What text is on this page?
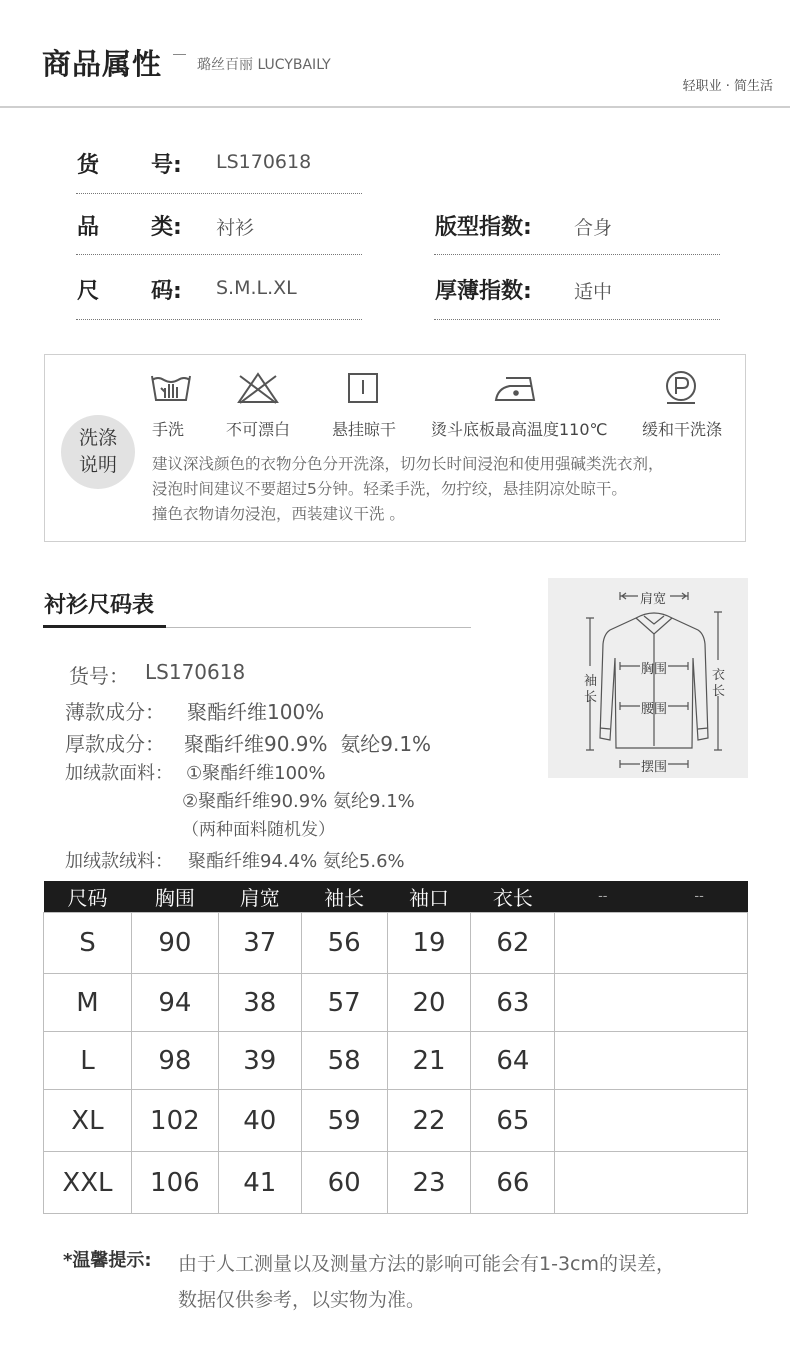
商品属性 璐丝百丽 LUCYBAILY
轻职业 · 简生活
货 号: LS170618
品 类: 衬衫	版型指数: 合身
尺 码: S.M.L.XL	厚薄指数: 适中
洗涤
说明
手洗	不可漂白	悬挂晾干 烫斗底板最高温度110℃ 缓和干洗涤
建议深浅颜色的衣物分色分开洗涤，切勿长时间浸泡和使用强碱类洗衣剂，
浸泡时间建议不要超过5分钟。轻柔手洗，勿拧绞，悬挂阴凉处晾干。
撞色衣物请勿浸泡，西装建议干洗 。
衬衫尺码表	肩宽
胸围
腰围
摆围
袖
长
衣
长
货号： LS170618
薄款成分： 聚酯纤维100%
厚款成分： 聚酯纤维90.9%  氨纶9.1%
加绒款面料： ①聚酯纤维100%
②聚酯纤维90.9% 氨纶9.1%
（两种面料随机发）
加绒款绒料： 聚酯纤维94.4% 氨纶5.6%
尺码	胸围	肩宽	袖长	袖口	衣长	--	--
S	90	37	56	19	62		
M	94	38	57	20	63		
L	98	39	58	21	64		
XL	102	40	59	22	65		
XXL	106	41	60	23	66		
*温馨提示: 由于人工测量以及测量方法的影响可能会有1-3cm的误差，
数据仅供参考，以实物为准。
